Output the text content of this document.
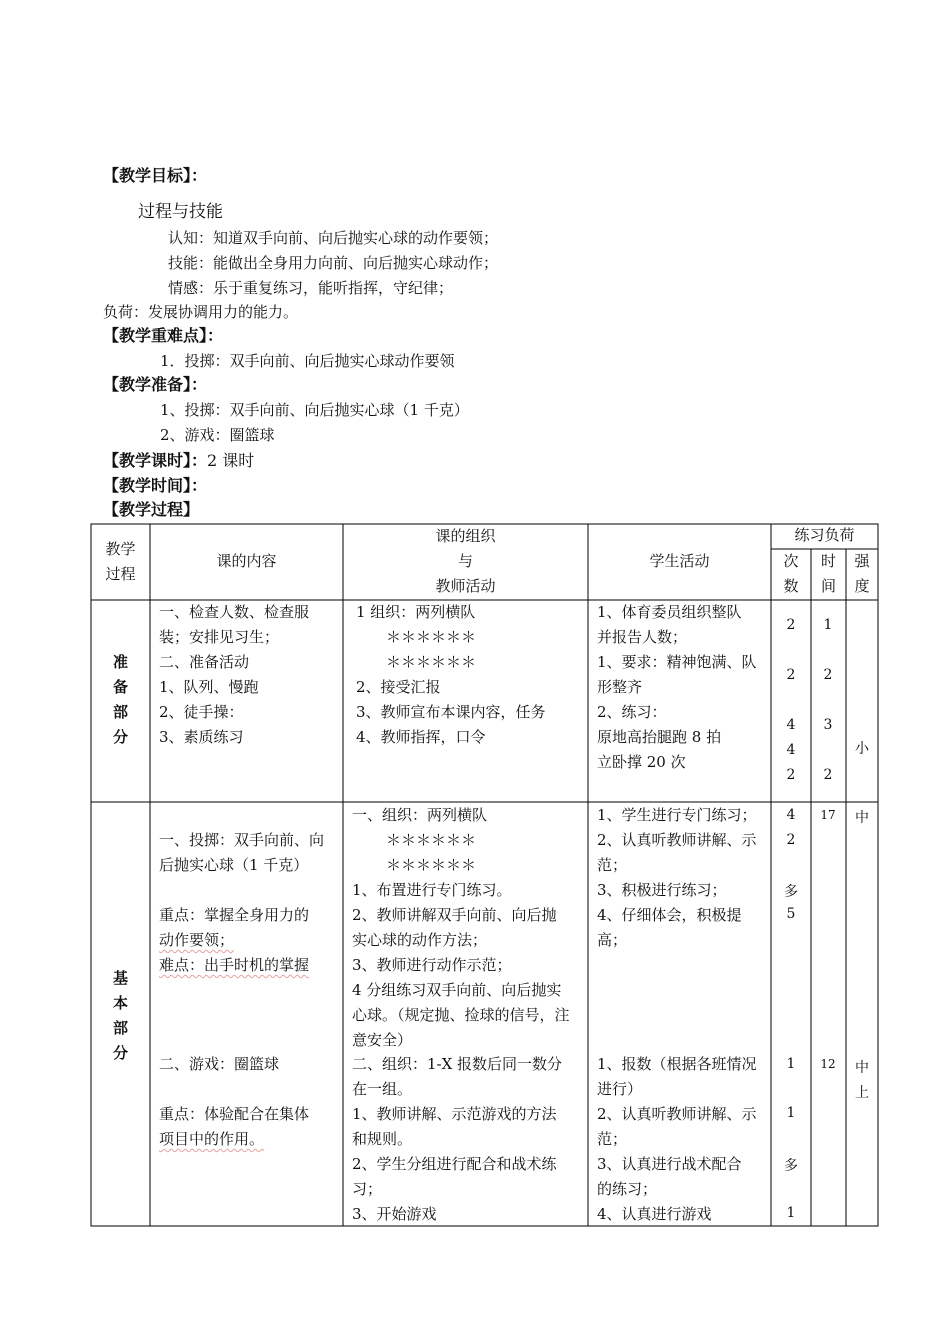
【教学目标】：
过程与技能
认知：知道双手向前、向后抛实心球的动作要领；
技能：能做出全身用力向前、向后抛实心球动作；
情感：乐于重复练习，能听指挥，守纪律；
负荷：发展协调用力的能力。
【教学重难点】：
1．投掷：双手向前、向后抛实心球动作要领
【教学准备】：
1、投掷：双手向前、向后抛实心球（1 千克）
2、游戏：圈篮球
【教学课时】：2 课时
【教学时间】：
【教学过程】
教学
过程
课的内容
课的组织
与
教师活动
学生活动
练习负荷
次
数
时
间
强
度
准
备
部
分
一、检查人数、检查服
装；安排见习生；
二、准备活动
1、队列、慢跑
2、徒手操：
3、素质练习
1 组织：两列横队
＊＊＊＊＊＊
＊＊＊＊＊＊
2、接受汇报
3、教师宣布本课内容，任务
4、教师指挥，口令
1、体育委员组织整队
并报告人数；
1、要求：精神饱满、队
形整齐
2、练习：
原地高抬腿跑 8 拍
立卧撑 20 次
2
2
4
4
2
1
2
3
2
小
基
本
部
分
一、投掷：双手向前、向
后抛实心球（1 千克）
重点：掌握全身用力的
动作要领；
难点：出手时机的掌握
二、游戏：圈篮球
重点：体验配合在集体
项目中的作用。
一、组织：两列横队
＊＊＊＊＊＊
＊＊＊＊＊＊
1、布置进行专门练习。
2、教师讲解双手向前、向后抛
实心球的动作方法；
3、教师进行动作示范；
4 分组练习双手向前、向后抛实
心球。（规定抛、捡球的信号，注
意安全）
二、组织：1-X 报数后同一数分
在一组。
1、教师讲解、示范游戏的方法
和规则。
2、学生分组进行配合和战术练
习；
3、开始游戏
1、学生进行专门练习；
2、认真听教师讲解、示
范；
3、积极进行练习；
4、仔细体会，积极提
高；
1、报数（根据各班情况
进行）
2、认真听教师讲解、示
范；
3、认真进行战术配合
的练习；
4、认真进行游戏
4
2
多
5
1
1
多
1
17
12
中
中
上
